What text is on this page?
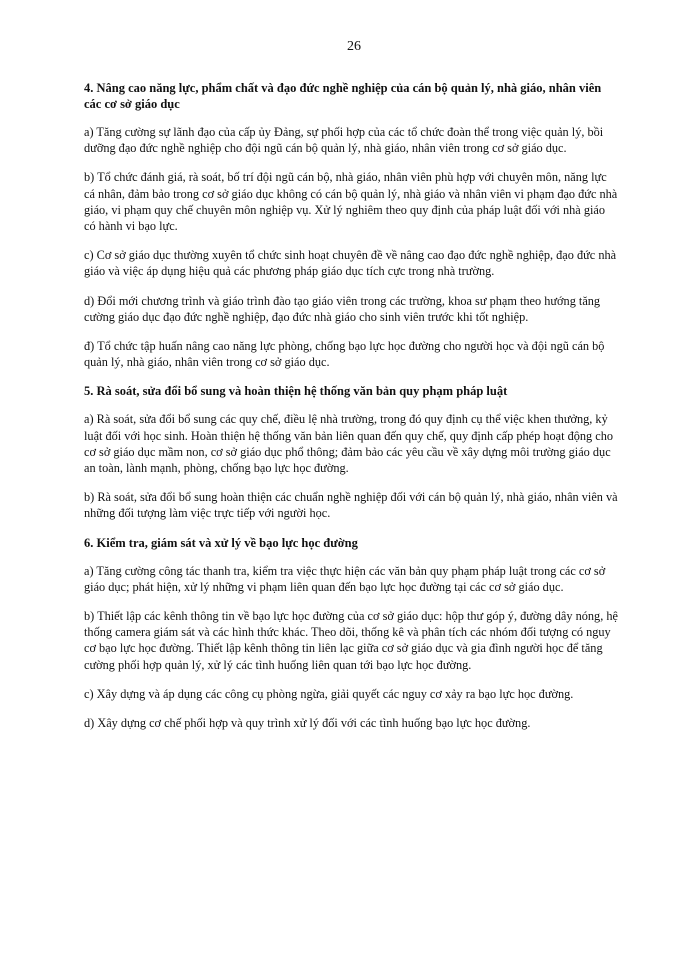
26
4. Nâng cao năng lực, phẩm chất và đạo đức nghề nghiệp của cán bộ quản lý, nhà giáo, nhân viên các cơ sở giáo dục

a) Tăng cường sự lãnh đạo của cấp ủy Đảng, sự phối hợp của các tổ chức đoàn thể trong việc quản lý, bồi dưỡng đạo đức nghề nghiệp cho đội ngũ cán bộ quản lý, nhà giáo, nhân viên trong cơ sở giáo dục.

b) Tổ chức đánh giá, rà soát, bố trí đội ngũ cán bộ, nhà giáo, nhân viên phù hợp với chuyên môn, năng lực cá nhân, đảm bảo trong cơ sở giáo dục không có cán bộ quản lý, nhà giáo và nhân viên vi phạm đạo đức nhà giáo, vi phạm quy chế chuyên môn nghiệp vụ. Xử lý nghiêm theo quy định của pháp luật đối với nhà giáo có hành vi bạo lực.

c) Cơ sở giáo dục thường xuyên tổ chức sinh hoạt chuyên đề về nâng cao đạo đức nghề nghiệp, đạo đức nhà giáo và việc áp dụng hiệu quả các phương pháp giáo dục tích cực trong nhà trường.

d) Đổi mới chương trình và giáo trình đào tạo giáo viên trong các trường, khoa sư phạm theo hướng tăng cường giáo dục đạo đức nghề nghiệp, đạo đức nhà giáo cho sinh viên trước khi tốt nghiệp.

đ) Tổ chức tập huấn nâng cao năng lực phòng, chống bạo lực học đường cho người học và đội ngũ cán bộ quản lý, nhà giáo, nhân viên trong cơ sở giáo dục.

5. Rà soát, sửa đổi bổ sung và hoàn thiện hệ thống văn bản quy phạm pháp luật

a) Rà soát, sửa đổi bổ sung các quy chế, điều lệ nhà trường, trong đó quy định cụ thể việc khen thưởng, kỷ luật đối với học sinh. Hoàn thiện hệ thống văn bản liên quan đến quy chế, quy định cấp phép hoạt động cho cơ sở giáo dục mầm non, cơ sở giáo dục phổ thông; đảm bảo các yêu cầu về xây dựng môi trường giáo dục an toàn, lành mạnh, phòng, chống bạo lực học đường.

b) Rà soát, sửa đổi bổ sung hoàn thiện các chuẩn nghề nghiệp đối với cán bộ quản lý, nhà giáo, nhân viên và những đối tượng làm việc trực tiếp với người học.

6. Kiểm tra, giám sát và xử lý về bạo lực học đường

a) Tăng cường công tác thanh tra, kiểm tra việc thực hiện các văn bản quy phạm pháp luật trong các cơ sở giáo dục; phát hiện, xử lý những vi phạm liên quan đến bạo lực học đường tại các cơ sở giáo dục.

b) Thiết lập các kênh thông tin về bạo lực học đường của cơ sở giáo dục: hộp thư góp ý, đường dây nóng, hệ thống camera giám sát và các hình thức khác. Theo dõi, thống kê và phân tích các nhóm đối tượng có nguy cơ bạo lực học đường. Thiết lập kênh thông tin liên lạc giữa cơ sở giáo dục và gia đình người học để tăng cường phối hợp quản lý, xử lý các tình huống liên quan tới bạo lực học đường.

c) Xây dựng và áp dụng các công cụ phòng ngừa, giải quyết các nguy cơ xảy ra bạo lực học đường.

d) Xây dựng cơ chế phối hợp và quy trình xử lý đối với các tình huống bạo lực học đường.
